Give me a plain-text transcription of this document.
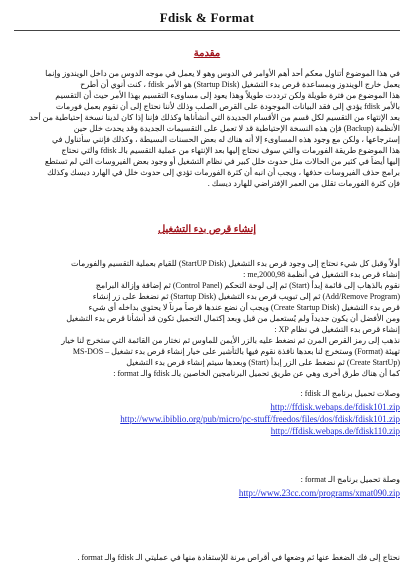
Fdisk & Format
مقدمة
في هذا الموضوع أتناول معكم أحد أهم الأوامر في الدوس وهو لا يعمل في موجه الدوس من داخل الويندوز وإنما
يعمل خارج الويندوز وبمساعدة قرص بدء التشغيل (Startup Disk) هو الأمر fdisk ، كنت أنوي أن أطرح
هذا الموضوع من فترة طويلة ولكن ترددت طويلاً وهذا يعود إلى مساوىء التقسيم بهذا الأمر حيث أن التقسيم
بالأمر fdisk يؤدي إلى فقد البيانات الموجودة على القرص الصلب وذلك لأننا نحتاج إلى أن نقوم بعمل فورمات
بعد الإنتهاء من التقسيم لكل قسم من الأقسام الجديدة التي أنشأناها وكذلك فإننا إذا كان لدينا نسخة إحتياطية من أحد
الأنظمة (Backup) فإن هذه النسخة الإحتياطية قد لا تعمل على التقسيمات الجديدة وقد يحدث خلل حين
إسترجاعها ، ولكن مع وجود هذه المساوىء إلا أنه هناك له بعض الحسنات البسيطة ، وكذلك فإنني سأتناول في
هذا الموضوع طريقة الفورمات والتي سوف نحتاج إليها بعد الإنتهاء من عملية التقسيم بالـ fdisk والتي نحتاج
إليها أيضاً في كثير من الحالات مثل حدوث خلل كبير في نظام التشغيل أو وجود بعض الفيروسات التي لم تستطع
برامج حذف الفيروسات حذفها ، ويجب أن انبه أن كثرة الفورمات تؤدي إلى حدوث خلل في الهارد ديسك وكذلك
فإن كثرة الفورمات تقلل من العمر الإفتراضي للهارد ديسك .
إنشاء قرص بدء التشغيل
أولاً وقبل كل شيء نحتاج إلى وجود قرص بدء التشغيل (StartUP Disk) للقيام بعملية التقسيم والفورمات
إنشاء قرص بدء التشغيل في أنظمة 98,me,2000 :
نقوم بالذهاب إلى قائمة إبدأ (Start) ثم إلى لوحة التحكم (Control Panel) ثم إضافة وإزالة البرامج
(Add/Remove Program) ثم إلى تبويب قرص بدء التشغيل (Startup Disk) ثم نضغط على زر إنشاء
قرص بدء التشغيل (Create Startup Disk) ويجب أن نضع عندها قرصاً مرناً لا يحتوي بداخله أي شيء
ومن الأفضل أن يكون جديداً ولم يُستعمل من قبل وبعد إكتمال التحميل تكون قد أنشأنا قرص بدء التشغيل
إنشاء قرص بدء التشغيل في نظام XP :
نذهب إلى رمز القرص المرن ثم نضغط عليه بالزر الأيمن للماوس ثم نختار من القائمة التي ستخرج لنا خيار
تهيئة (Format) وستخرج لنا بعدها نافذة نقوم فيها بالتأشير على خيار إنشاء قرص بدء تشغيل – MS-DOS
(Create StartUp) ثم نضغط على الزر إبدأ (Start) وبعدها سيتم إنشاء قرص بدء التشغيل
كما أن هناك طرق أخرى وهي عن طريق تحميل البرنامجين الخاصين بالـ fdisk والـ format :
وصلات تحميل برنامج الـ fdisk :
http://ffdisk.webaps.de/fdisk101.zip
http://www.ibiblio.org/pub/micro/pc-stuff/freedos/files/dos/fdisk/fdisk101.zip
http://ffdisk.webaps.de/fdisk110.zip
وصلة تحميل برنامج الـ format :
http://www.23cc.com/programs/xmat090.zip
نحتاج إلى فك الضغط عنها ثم وضعها في أقراص مرنة للإستفادة منها في عمليتي الـ fdisk والـ format .
